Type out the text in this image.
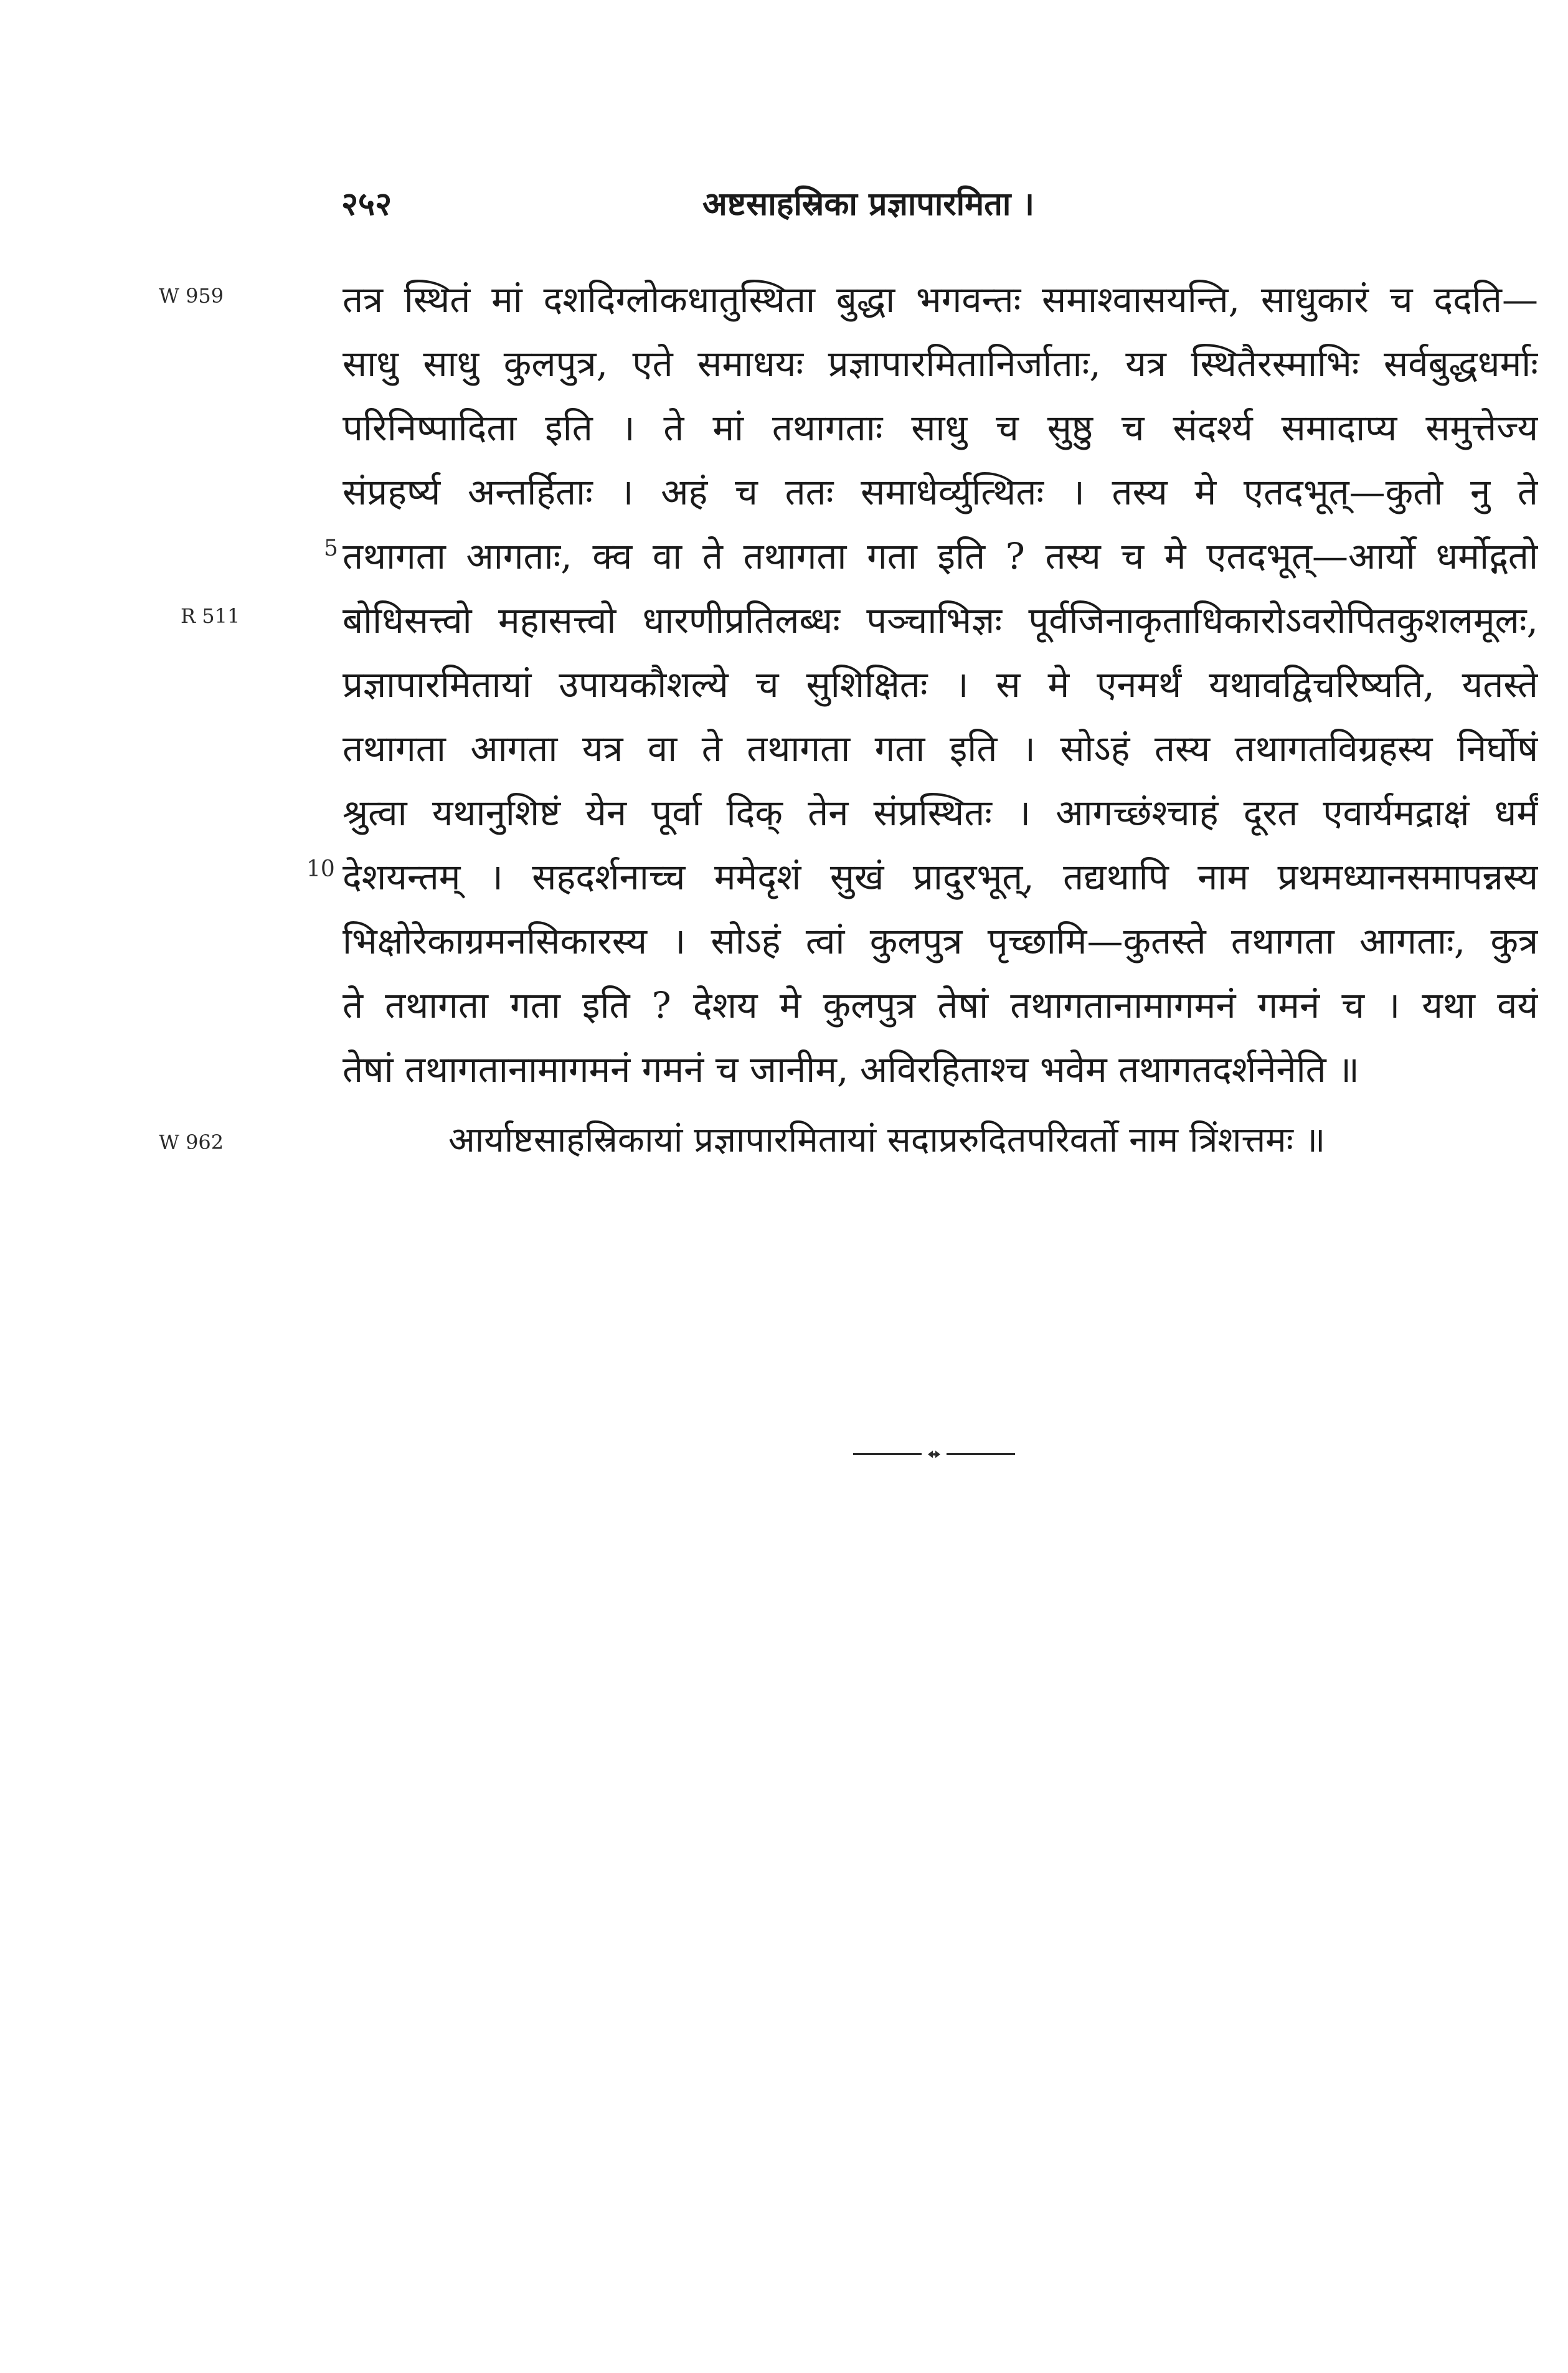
२५२	अष्टसाहस्रिका प्रज्ञापारमिता ।
W 959
R 511
W 962
5
10
तत्र स्थितं मां दशदिग्लोकधातुस्थिता बुद्धा भगवन्तः समाश्वासयन्ति, साधुकारं च ददति—
साधु साधु कुलपुत्र, एते समाधयः प्रज्ञापारमितानिर्जाताः, यत्र स्थितैरस्माभिः सर्वबुद्धधर्माः
परिनिष्पादिता इति । ते मां तथागताः साधु च सुष्ठु च संदर्श्य समादाप्य समुत्तेज्य
संप्रहर्ष्य अन्तर्हिताः । अहं च ततः समाधेर्व्युत्थितः । तस्य मे एतदभूत्—कुतो नु ते
तथागता आगताः, क्व वा ते तथागता गता इति ? तस्य च मे एतदभूत्—आर्यो धर्मोद्गतो
बोधिसत्त्वो महासत्त्वो धारणीप्रतिलब्धः पञ्चाभिज्ञः पूर्वजिनाकृताधिकारोऽवरोपितकुशलमूलः,
प्रज्ञापारमितायां उपायकौशल्ये च सुशिक्षितः । स मे एनमर्थं यथावद्विचरिष्यति, यतस्ते
तथागता आगता यत्र वा ते तथागता गता इति । सोऽहं तस्य तथागतविग्रहस्य निर्घोषं
श्रुत्वा यथानुशिष्टं येन पूर्वा दिक् तेन संप्रस्थितः । आगच्छंश्चाहं दूरत एवार्यमद्राक्षं धर्मं
देशयन्तम् । सहदर्शनाच्च ममेदृशं सुखं प्रादुरभूत्, तद्यथापि नाम प्रथमध्यानसमापन्नस्य
भिक्षोरेकाग्रमनसिकारस्य । सोऽहं त्वां कुलपुत्र पृच्छामि—कुतस्ते तथागता आगताः, कुत्र
ते तथागता गता इति ? देशय मे कुलपुत्र तेषां तथागतानामागमनं गमनं च । यथा वयं
तेषां तथागतानामागमनं गमनं च जानीम, अविरहिताश्च भवेम तथागतदर्शनेनेति ॥
आर्याष्टसाहस्रिकायां प्रज्ञापारमितायां सदाप्ररुदितपरिवर्तो नाम त्रिंशत्तमः ॥
